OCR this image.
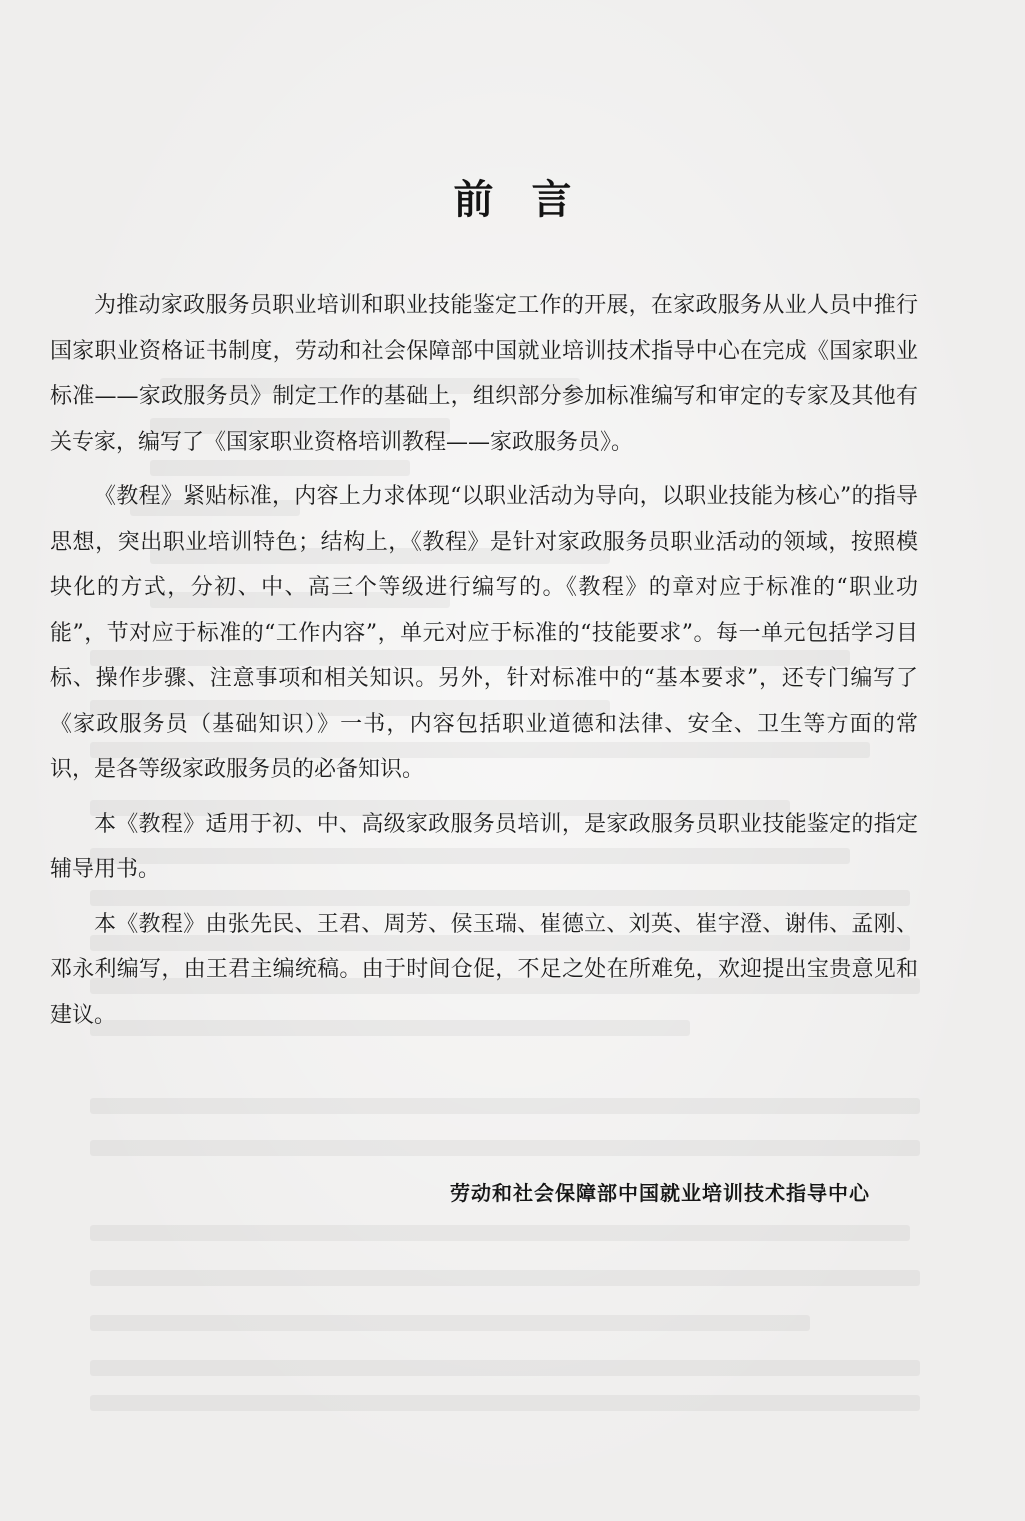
前言

为推动家政服务员职业培训和职业技能鉴定工作的开展，在家政服务从业人员中推行国家职业资格证书制度，劳动和社会保障部中国就业培训技术指导中心在完成《国家职业标准——家政服务员》制定工作的基础上，组织部分参加标准编写和审定的专家及其他有关专家，编写了《国家职业资格培训教程——家政服务员》。

《教程》紧贴标准，内容上力求体现“以职业活动为导向，以职业技能为核心”的指导思想，突出职业培训特色；结构上，《教程》是针对家政服务员职业活动的领域，按照模块化的方式，分初、中、高三个等级进行编写的。《教程》的章对应于标准的“职业功能”，节对应于标准的“工作内容”，单元对应于标准的“技能要求”。每一单元包括学习目标、操作步骤、注意事项和相关知识。另外，针对标准中的“基本要求”，还专门编写了《家政服务员（基础知识）》一书，内容包括职业道德和法律、安全、卫生等方面的常识，是各等级家政服务员的必备知识。

本《教程》适用于初、中、高级家政服务员培训，是家政服务员职业技能鉴定的指定辅导用书。

本《教程》由张先民、王君、周芳、侯玉瑞、崔德立、刘英、崔宇澄、谢伟、孟刚、邓永利编写，由王君主编统稿。由于时间仓促，不足之处在所难免，欢迎提出宝贵意见和建议。

劳动和社会保障部中国就业培训技术指导中心
